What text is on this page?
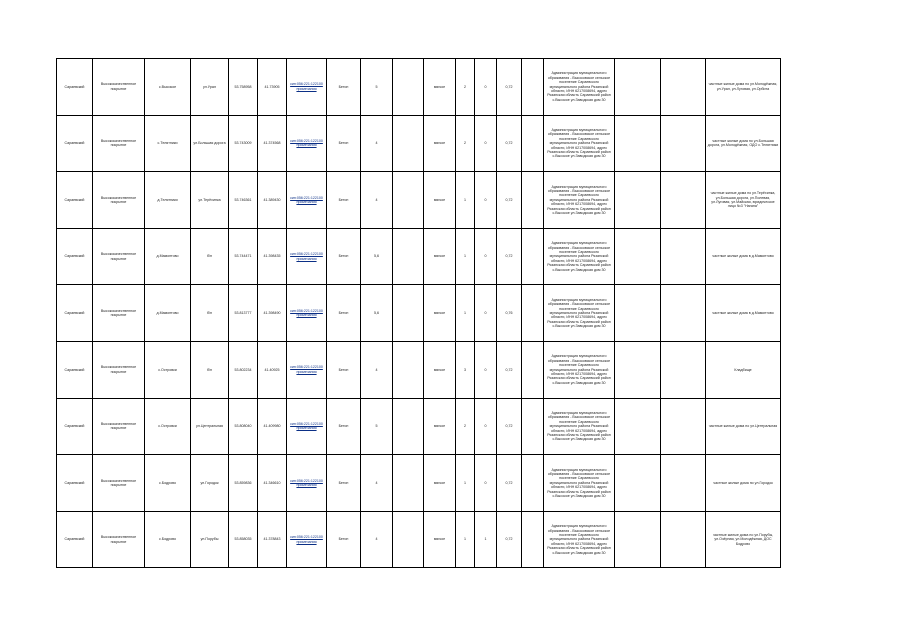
Сараевский	Высококачественное покрытие	с.Высокое	ул.Урал	53.758958	41.73905	сип:056:221:122100 примечания	Бетон	5		мягкое	2	0	0,72		Администрация муниципального образования - Высоковское сельское поселение Сараевского муниципального района Рязанской области, ИНН 6217008694, адрес Рязанская область Сараевский район с.Высокое ул.Заводская дом 30			частные жилые дома по ул.Молодёжная, ул.Урал, ул.Луговая, ул.Орбита
Сараевский	Высококачественное покрытие	с.Телятники	ул.Большая дорога	53.743009	41.374568	сип:056:221:122100 примечания	Бетон	4		мягкое	2	0	0,72		Администрация муниципального образования - Высоковское сельское поселение Сараевского муниципального района Рязанской области, ИНН 6217008694, адрес Рязанская область Сараевский район с.Высокое ул.Заводская дом 30			частные жилые дома по ул.Большая дорога, ул.Молодёжная, ОДО с.Телятники
Сараевский	Высококачественное покрытие	д.Телятники	ул.Терёхинка	53.746361	41.389430	сип:056:221:122100 примечания	Бетон	4		мягкое	1	0	0,72		Администрация муниципального образования - Высоковское сельское поселение Сараевского муниципального района Рязанской области, ИНН 6217008694, адрес Рязанская область Сараевский район с.Высокое ул.Заводская дом 30			частные жилые дома по ул.Терёхинка, ул.Большая дорога, ул.Полевая, ул.Луговая, ул.Майская, юридическое лицо №3 "Нагана"
Сараевский	Высококачественное покрытие	д.Мамонтово	б/н	53.744471	41.398435	сип:056:221:122100 примечания	Бетон	5,6		мягкое	1	0	0,72		Администрация муниципального образования - Высоковское сельское поселение Сараевского муниципального района Рязанской области, ИНН 6217008694, адрес Рязанская область Сараевский район с.Высокое ул.Заводская дом 30			частные жилые дома в д.Мамонтово
Сараевский	Высококачественное покрытие	д.Мамонтово	б/н	53.813777	41.398490	сип:056:221:122100 примечания	Бетон	5,6		мягкое	1	0	0,76		Администрация муниципального образования - Высоковское сельское поселение Сараевского муниципального района Рязанской области, ИНН 6217008694, адрес Рязанская область Сараевский район с.Высокое ул.Заводская дом 30			частные жилые дома в д.Мамонтово
Сараевский	Высококачественное покрытие	с.Островки	б/н	53.802234	41.40925	сип:056:221:122100 примечания	Бетон	4		мягкое	3	0	0,72		Администрация муниципального образования - Высоковское сельское поселение Сараевского муниципального района Рязанской области, ИНН 6217008694, адрес Рязанская область Сараевский район с.Высокое ул.Заводская дом 30			Кладбище
Сараевский	Высококачественное покрытие	с.Островки	ул.Центральная	53.808040	41.409980	сип:056:221:122100 примечания	Бетон	5		мягкое	2	0	0,72		Администрация муниципального образования - Высоковское сельское поселение Сараевского муниципального района Рязанской области, ИНН 6217008694, адрес Рязанская область Сараевский район с.Высокое ул.Заводская дом 30			частные жилые дома по ул.Центральная
Сараевский	Высококачественное покрытие	с.Бодрово	ул.Городок	53.859836	41.346610	сип:056:221:122100 примечания	Бетон	4		мягкое	1	0	0,72		Администрация муниципального образования - Высоковское сельское поселение Сараевского муниципального района Рязанской области, ИНН 6217008694, адрес Рязанская область Сараевский район с.Высокое ул.Заводская дом 30			частные жилые дома по ул.Городок
Сараевский	Высококачественное покрытие	с.Бодрово	ул.Порубы	53.858035	41.378843	сип:056:221:122100 примечания	Бетон	4		мягкое	1	1	0,72		Администрация муниципального образования - Высоковское сельское поселение Сараевского муниципального района Рязанской области, ИНН 6217008694, адрес Рязанская область Сараевский район с.Высокое ул.Заводская дом 30			частные жилые дома по ул.Порубы, ул.Озёрная, ул.Молодёжная, ДОС Бодрово
